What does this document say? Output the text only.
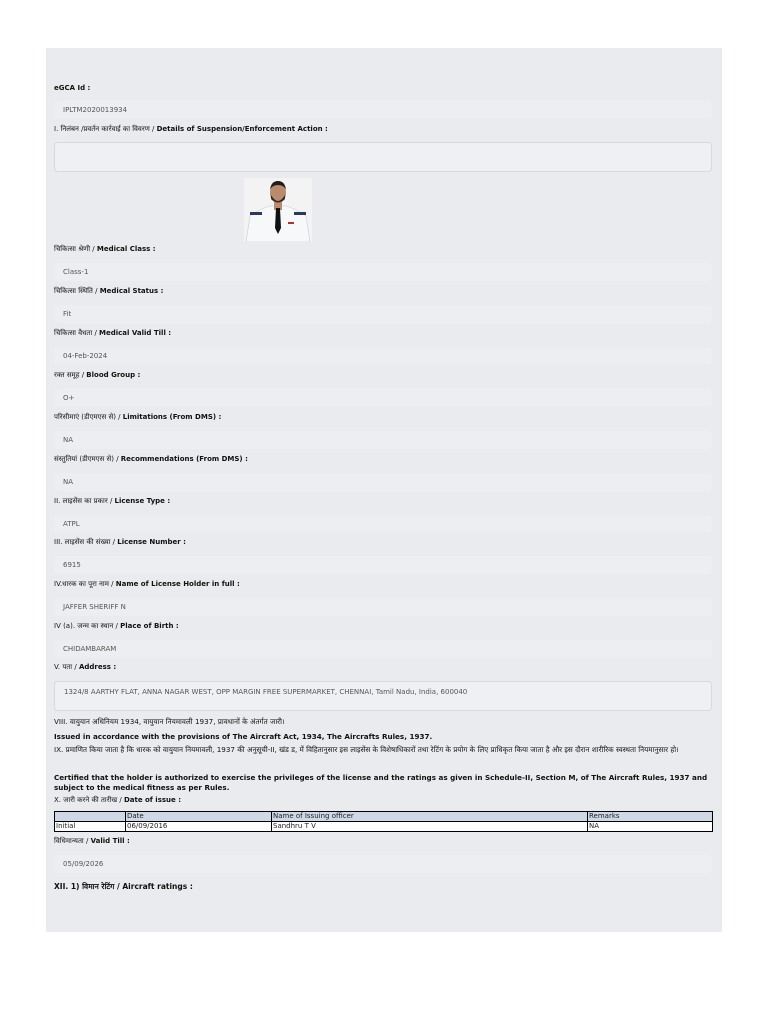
eGCA Id :
IPLTM2020013934
I. निलंबन /प्रवर्तन कार्रवाई का विवरण / Details of Suspension/Enforcement Action :
चिकित्सा श्रेणी / Medical Class :
Class-1
चिकित्सा स्थिति / Medical Status :
Fit
चिकित्सा वैधता / Medical Valid Till :
04-Feb-2024
रक्त समूह / Blood Group :
O+
परिसीमाएं (डीएमएस से) / Limitations (From DMS) :
NA
संस्तुतियां (डीएमएस से) / Recommendations (From DMS) :
NA
II. लाइसेंस का प्रकार / License Type :
ATPL
III. लाइसेंस की संख्या / License Number :
6915
IV.धारक का पूरा नाम / Name of License Holder in full :
JAFFER SHERIFF N
IV (a). जन्म का स्थान / Place of Birth :
CHIDAMBARAM
V. पता / Address :
1324/8 AARTHY FLAT, ANNA NAGAR WEST, OPP MARGIN FREE SUPERMARKET, CHENNAI, Tamil Nadu, India, 600040
VIII. वायुयान अधिनियम 1934, वायुयान नियमावली 1937, प्रावधानों के अंतर्गत जारी।
Issued in accordance with the provisions of The Aircraft Act, 1934, The Aircrafts Rules, 1937.
IX. प्रमाणित किया जाता है कि धारक को वायुयान नियमावली, 1937 की अनुसूची-II, खंड ड, में विहितानुसार इस लाइसेंस के विशेषाधिकारों तथा रेटिंग के प्रयोग के लिए प्राधिकृत किया जाता है और इस दौरान शारीरिक स्वस्थता नियमानुसार हो।
Certified that the holder is authorized to exercise the privileges of the license and the ratings as given in Schedule-II, Section M, of The Aircraft Rules, 1937 and subject to the medical fitness as per Rules.
X. जारी करने की तारीख / Date of issue :
	Date	Name of Issuing officer	Remarks
Initial	06/09/2016	Sandhru T V	NA
विधिमान्यता / Valid Till :
05/09/2026
XII. 1) विमान रेटिंग / Aircraft ratings :
